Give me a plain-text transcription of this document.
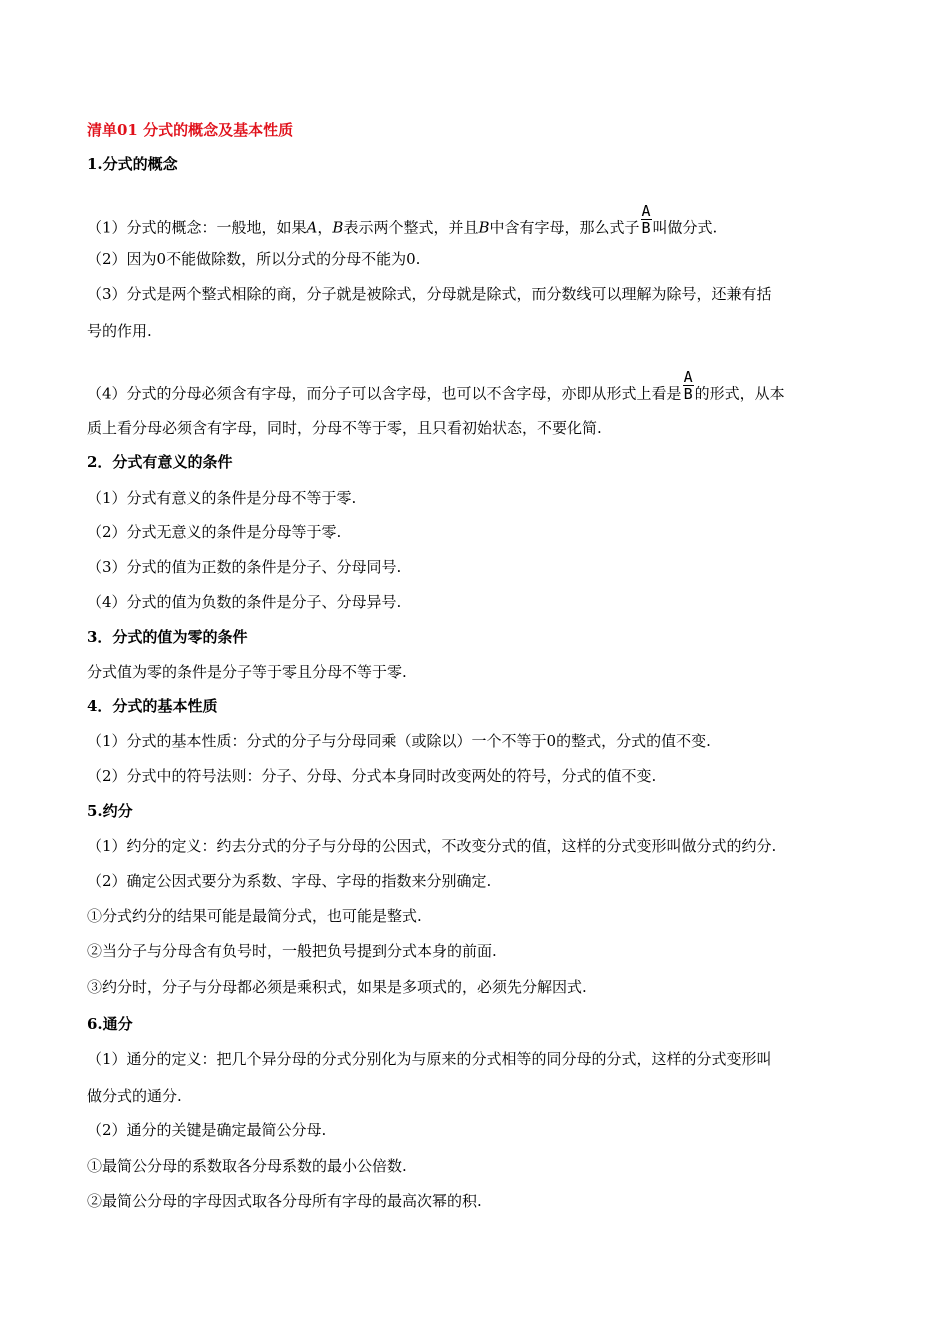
清单01 分式的概念及基本性质
1.分式的概念
（1）分式的概念：一般地，如果A，B表示两个整式，并且B中含有字母，那么式子 $\frac{A}{B}$ 叫做分式.
（2）因为0不能做除数，所以分式的分母不能为0.
（3）分式是两个整式相除的商，分子就是被除式，分母就是除式，而分数线可以理解为除号，还兼有括
号的作用.
（4）分式的分母必须含有字母，而分子可以含字母，也可以不含字母，亦即从形式上看是 $\frac{A}{B}$ 的形式，从本
质上看分母必须含有字母，同时，分母不等于零，且只看初始状态，不要化简.
2．分式有意义的条件
（1）分式有意义的条件是分母不等于零.
（2）分式无意义的条件是分母等于零.
（3）分式的值为正数的条件是分子、分母同号.
（4）分式的值为负数的条件是分子、分母异号.
3．分式的值为零的条件
分式值为零的条件是分子等于零且分母不等于零.
4．分式的基本性质
（1）分式的基本性质：分式的分子与分母同乘（或除以）一个不等于0的整式，分式的值不变.
（2）分式中的符号法则：分子、分母、分式本身同时改变两处的符号，分式的值不变.
5.约分
（1）约分的定义：约去分式的分子与分母的公因式，不改变分式的值，这样的分式变形叫做分式的约分.
（2）确定公因式要分为系数、字母、字母的指数来分别确定.
①分式约分的结果可能是最简分式，也可能是整式.
②当分子与分母含有负号时，一般把负号提到分式本身的前面.
③约分时，分子与分母都必须是乘积式，如果是多项式的，必须先分解因式.
6.通分
（1）通分的定义：把几个异分母的分式分别化为与原来的分式相等的同分母的分式，这样的分式变形叫
做分式的通分.
（2）通分的关键是确定最简公分母.
①最简公分母的系数取各分母系数的最小公倍数.
②最简公分母的字母因式取各分母所有字母的最高次幂的积.
